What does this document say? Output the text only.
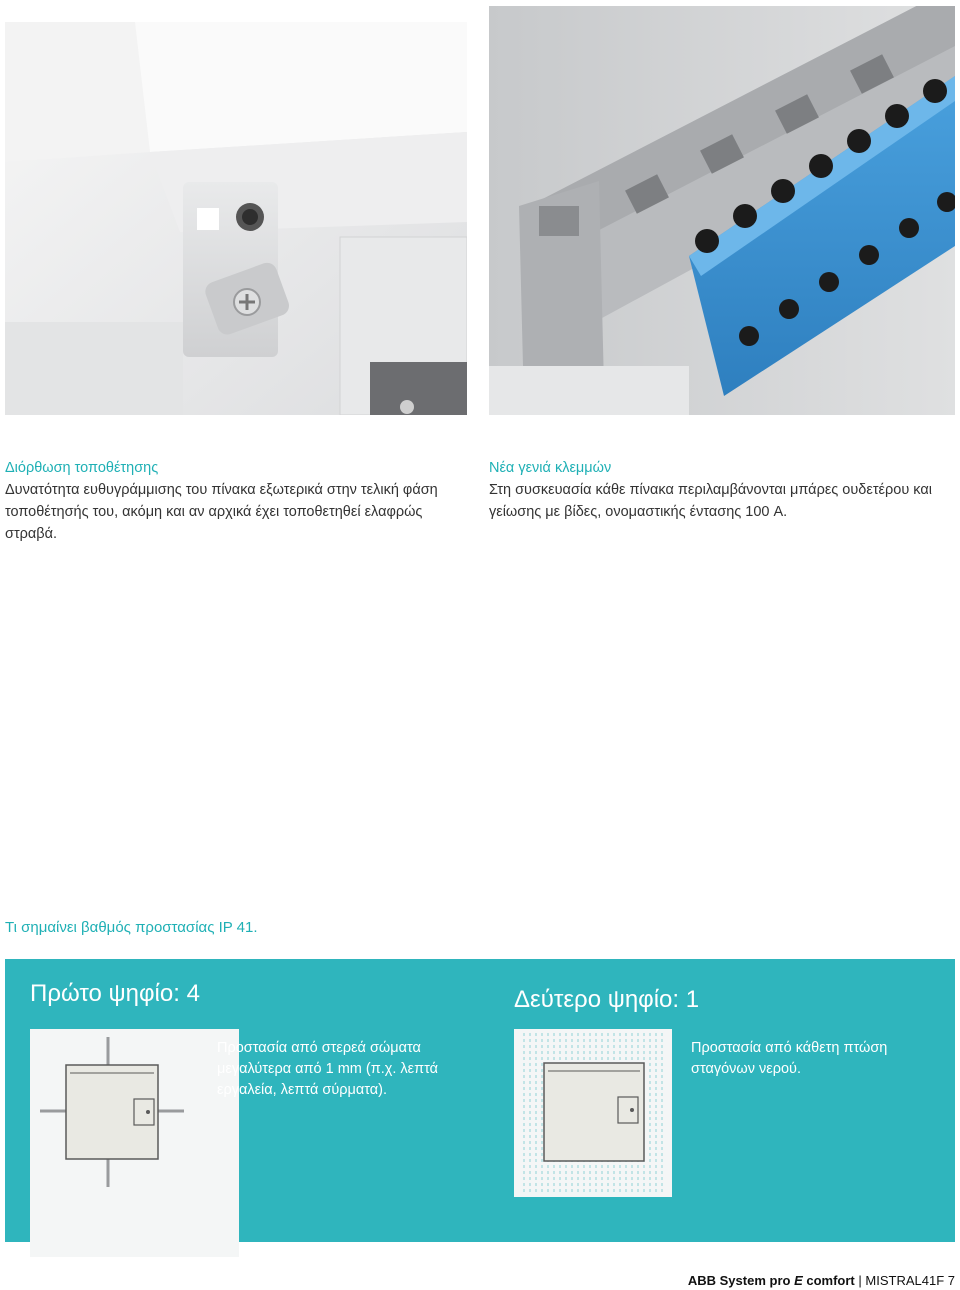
Διόρθωση τοποθέτησης
Δυνατότητα ευθυγράμμισης του πίνακα εξωτερικά στην τελική φάση τοποθέτησής του, ακόμη και αν αρχικά έχει τοποθετηθεί ελαφρώς στραβά.
Νέα γενιά κλεμμών
Στη συσκευασία κάθε πίνακα περιλαμβάνονται μπάρες ουδετέρου και γείωσης με βίδες, ονομαστικής έντασης 100 A.
Τι σημαίνει βαθμός προστασίας IP 41.
Πρώτο ψηφίο: 4	Δεύτερο ψηφίο: 1
Προστασία από στερεά σώματα μεγαλύτερα από 1 mm (π.χ. λεπτά εργαλεία, λεπτά σύρματα).
Προστασία από κάθετη πτώση σταγόνων νερού.
ABB System pro E comfort | MISTRAL41F 7
